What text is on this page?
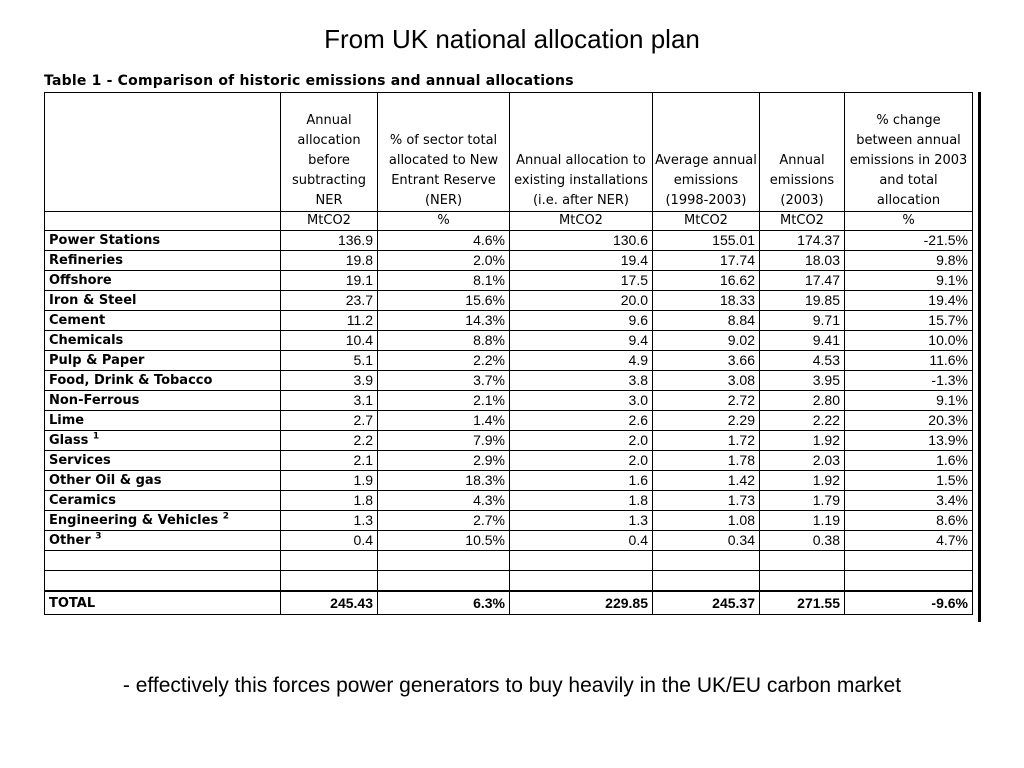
From UK national allocation plan
Table 1 - Comparison of historic emissions and annual allocations
	Annual allocation before subtracting NER	% of sector total allocated to New Entrant Reserve (NER)	Annual allocation to existing installations (i.e. after NER)	Average annual emissions (1998-2003)	Annual emissions (2003)	% change between annual emissions in 2003 and total allocation
	MtCO2	%	MtCO2	MtCO2	MtCO2	%
Power Stations	136.9	4.6%	130.6	155.01	174.37	-21.5%
Refineries	19.8	2.0%	19.4	17.74	18.03	9.8%
Offshore	19.1	8.1%	17.5	16.62	17.47	9.1%
Iron & Steel	23.7	15.6%	20.0	18.33	19.85	19.4%
Cement	11.2	14.3%	9.6	8.84	9.71	15.7%
Chemicals	10.4	8.8%	9.4	9.02	9.41	10.0%
Pulp & Paper	5.1	2.2%	4.9	3.66	4.53	11.6%
Food, Drink & Tobacco	3.9	3.7%	3.8	3.08	3.95	-1.3%
Non-Ferrous	3.1	2.1%	3.0	2.72	2.80	9.1%
Lime	2.7	1.4%	2.6	2.29	2.22	20.3%
Glass $^1$	2.2	7.9%	2.0	1.72	1.92	13.9%
Services	2.1	2.9%	2.0	1.78	2.03	1.6%
Other Oil & gas	1.9	18.3%	1.6	1.42	1.92	1.5%
Ceramics	1.8	4.3%	1.8	1.73	1.79	3.4%
Engineering & Vehicles $^2$	1.3	2.7%	1.3	1.08	1.19	8.6%
Other $^3$	0.4	10.5%	0.4	0.34	0.38	4.7%

TOTAL	245.43	6.3%	229.85	245.37	271.55	-9.6%
- effectively this forces power generators to buy heavily in the UK/EU carbon market
